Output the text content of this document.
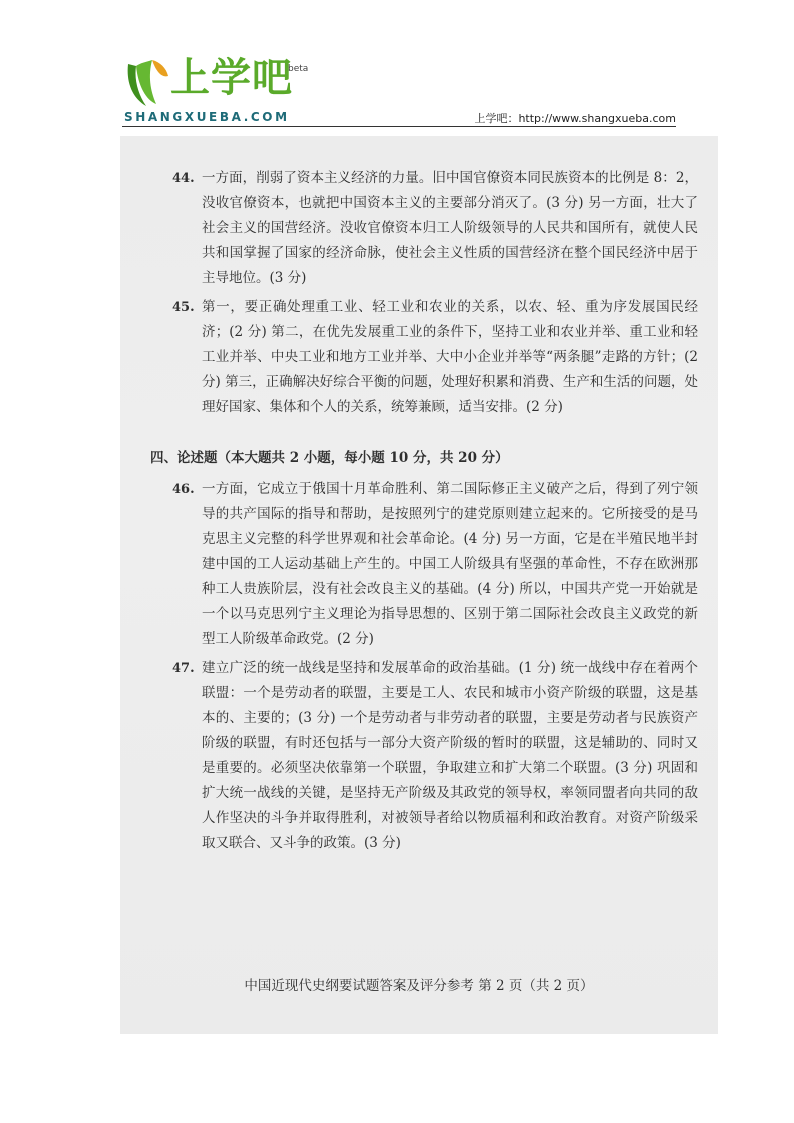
上学吧
beta
SHANGXUEBA.COM	上学吧：http://www.shangxueba.com
44. 一方面，削弱了资本主义经济的力量。旧中国官僚资本同民族资本的比例是 8：2，没收官僚资本，也就把中国资本主义的主要部分消灭了。(3 分) 另一方面，壮大了社会主义的国营经济。没收官僚资本归工人阶级领导的人民共和国所有，就使人民共和国掌握了国家的经济命脉，使社会主义性质的国营经济在整个国民经济中居于主导地位。(3 分)

45. 第一，要正确处理重工业、轻工业和农业的关系，以农、轻、重为序发展国民经济；(2 分) 第二，在优先发展重工业的条件下，坚持工业和农业并举、重工业和轻工业并举、中央工业和地方工业并举、大中小企业并举等“两条腿”走路的方针；(2 分) 第三，正确解决好综合平衡的问题，处理好积累和消费、生产和生活的问题，处理好国家、集体和个人的关系，统筹兼顾，适当安排。(2 分)

四、论述题（本大题共 2 小题，每小题 10 分，共 20 分）
46. 一方面，它成立于俄国十月革命胜利、第二国际修正主义破产之后，得到了列宁领导的共产国际的指导和帮助，是按照列宁的建党原则建立起来的。它所接受的是马克思主义完整的科学世界观和社会革命论。(4 分) 另一方面，它是在半殖民地半封建中国的工人运动基础上产生的。中国工人阶级具有坚强的革命性，不存在欧洲那种工人贵族阶层，没有社会改良主义的基础。(4 分) 所以，中国共产党一开始就是一个以马克思列宁主义理论为指导思想的、区别于第二国际社会改良主义政党的新型工人阶级革命政党。(2 分)

47. 建立广泛的统一战线是坚持和发展革命的政治基础。(1 分) 统一战线中存在着两个联盟：一个是劳动者的联盟，主要是工人、农民和城市小资产阶级的联盟，这是基本的、主要的；(3 分) 一个是劳动者与非劳动者的联盟，主要是劳动者与民族资产阶级的联盟，有时还包括与一部分大资产阶级的暂时的联盟，这是辅助的、同时又是重要的。必须坚决依靠第一个联盟，争取建立和扩大第二个联盟。(3 分) 巩固和扩大统一战线的关键，是坚持无产阶级及其政党的领导权，率领同盟者向共同的敌人作坚决的斗争并取得胜利，对被领导者给以物质福利和政治教育。对资产阶级采取又联合、又斗争的政策。(3 分)

中国近现代史纲要试题答案及评分参考 第 2 页（共 2 页）
